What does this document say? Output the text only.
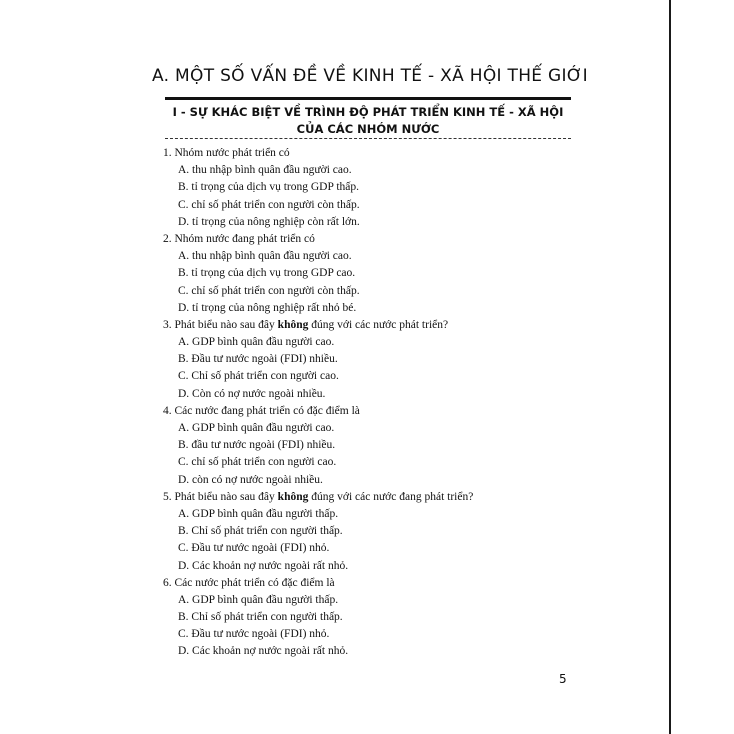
A. MỘT SỐ VẤN ĐỀ VỀ KINH TẾ - XÃ HỘI THẾ GIỚI
I - SỰ KHÁC BIỆT VỀ TRÌNH ĐỘ PHÁT TRIỂN KINH TẾ - XÃ HỘI
CỦA CÁC NHÓM NƯỚC
1. Nhóm nước phát triển có
A. thu nhập bình quân đầu người cao.
B. tỉ trọng của dịch vụ trong GDP thấp.
C. chỉ số phát triển con người còn thấp.
D. tỉ trọng của nông nghiệp còn rất lớn.
2. Nhóm nước đang phát triển có
A. thu nhập bình quân đầu người cao.
B. tỉ trọng của dịch vụ trong GDP cao.
C. chỉ số phát triển con người còn thấp.
D. tỉ trọng của nông nghiệp rất nhỏ bé.
3. Phát biểu nào sau đây không đúng với các nước phát triển?
A. GDP bình quân đầu người cao.
B. Đầu tư nước ngoài (FDI) nhiều.
C. Chỉ số phát triển con người cao.
D. Còn có nợ nước ngoài nhiều.
4. Các nước đang phát triển có đặc điểm là
A. GDP bình quân đầu người cao.
B. đầu tư nước ngoài (FDI) nhiều.
C. chỉ số phát triển con người cao.
D. còn có nợ nước ngoài nhiều.
5. Phát biểu nào sau đây không đúng với các nước đang phát triển?
A. GDP bình quân đầu người thấp.
B. Chỉ số phát triển con người thấp.
C. Đầu tư nước ngoài (FDI) nhỏ.
D. Các khoản nợ nước ngoài rất nhỏ.
6. Các nước phát triển có đặc điểm là
A. GDP bình quân đầu người thấp.
B. Chỉ số phát triển con người thấp.
C. Đầu tư nước ngoài (FDI) nhỏ.
D. Các khoản nợ nước ngoài rất nhỏ.
5
